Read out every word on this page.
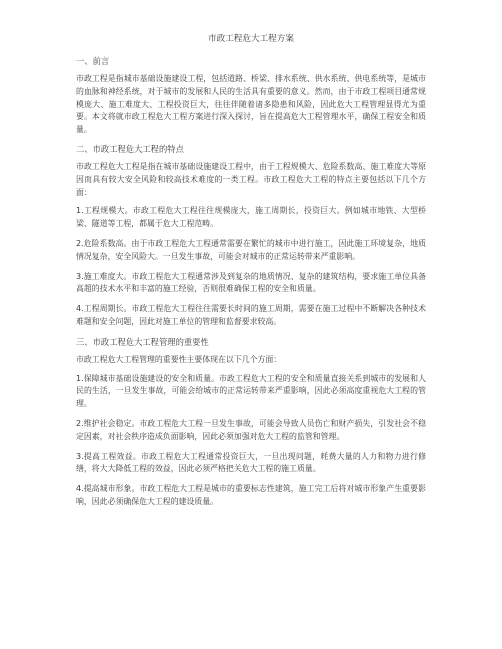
市政工程危大工程方案
一、前言

市政工程是指城市基础设施建设工程，包括道路、桥梁、排水系统、供水系统、供电系统等，是城市的血脉和神经系统，对于城市的发展和人民的生活具有重要的意义。然而，由于市政工程项目通常规模庞大、施工难度大、工程投资巨大，往往伴随着诸多隐患和风险，因此危大工程管理显得尤为重要。本文将就市政工程危大工程方案进行深入探讨，旨在提高危大工程管理水平，确保工程安全和质量。

二、市政工程危大工程的特点

市政工程危大工程是指在城市基础设施建设工程中，由于工程规模大、危险系数高、施工难度大等原因而具有较大安全风险和较高技术难度的一类工程。市政工程危大工程的特点主要包括以下几个方面：

1.工程规模大。市政工程危大工程往往规模庞大，施工周期长，投资巨大。例如城市地铁、大型桥梁、隧道等工程，都属于危大工程范畴。

2.危险系数高。由于市政工程危大工程通常需要在繁忙的城市中进行施工，因此施工环境复杂，地质情况复杂，安全风险大。一旦发生事故，可能会对城市的正常运转带来严重影响。

3.施工难度大。市政工程危大工程通常涉及到复杂的地质情况、复杂的建筑结构，要求施工单位具备高超的技术水平和丰富的施工经验，否则很难确保工程的安全和质量。

4.工程周期长。市政工程危大工程往往需要长时间的施工周期，需要在施工过程中不断解决各种技术难题和安全问题，因此对施工单位的管理和监督要求较高。

三、市政工程危大工程管理的重要性

市政工程危大工程管理的重要性主要体现在以下几个方面：

1.保障城市基础设施建设的安全和质量。市政工程危大工程的安全和质量直接关系到城市的发展和人民的生活，一旦发生事故，可能会给城市的正常运转带来严重影响，因此必须高度重视危大工程的管理。

2.维护社会稳定。市政工程危大工程一旦发生事故，可能会导致人员伤亡和财产损失，引发社会不稳定因素，对社会秩序造成负面影响，因此必须加强对危大工程的监管和管理。

3.提高工程效益。市政工程危大工程通常投资巨大，一旦出现问题，耗费大量的人力和物力进行修缮，将大大降低工程的效益，因此必须严格把关危大工程的施工质量。

4.提高城市形象。市政工程危大工程是城市的重要标志性建筑，施工完工后将对城市形象产生重要影响，因此必须确保危大工程的建设质量。
